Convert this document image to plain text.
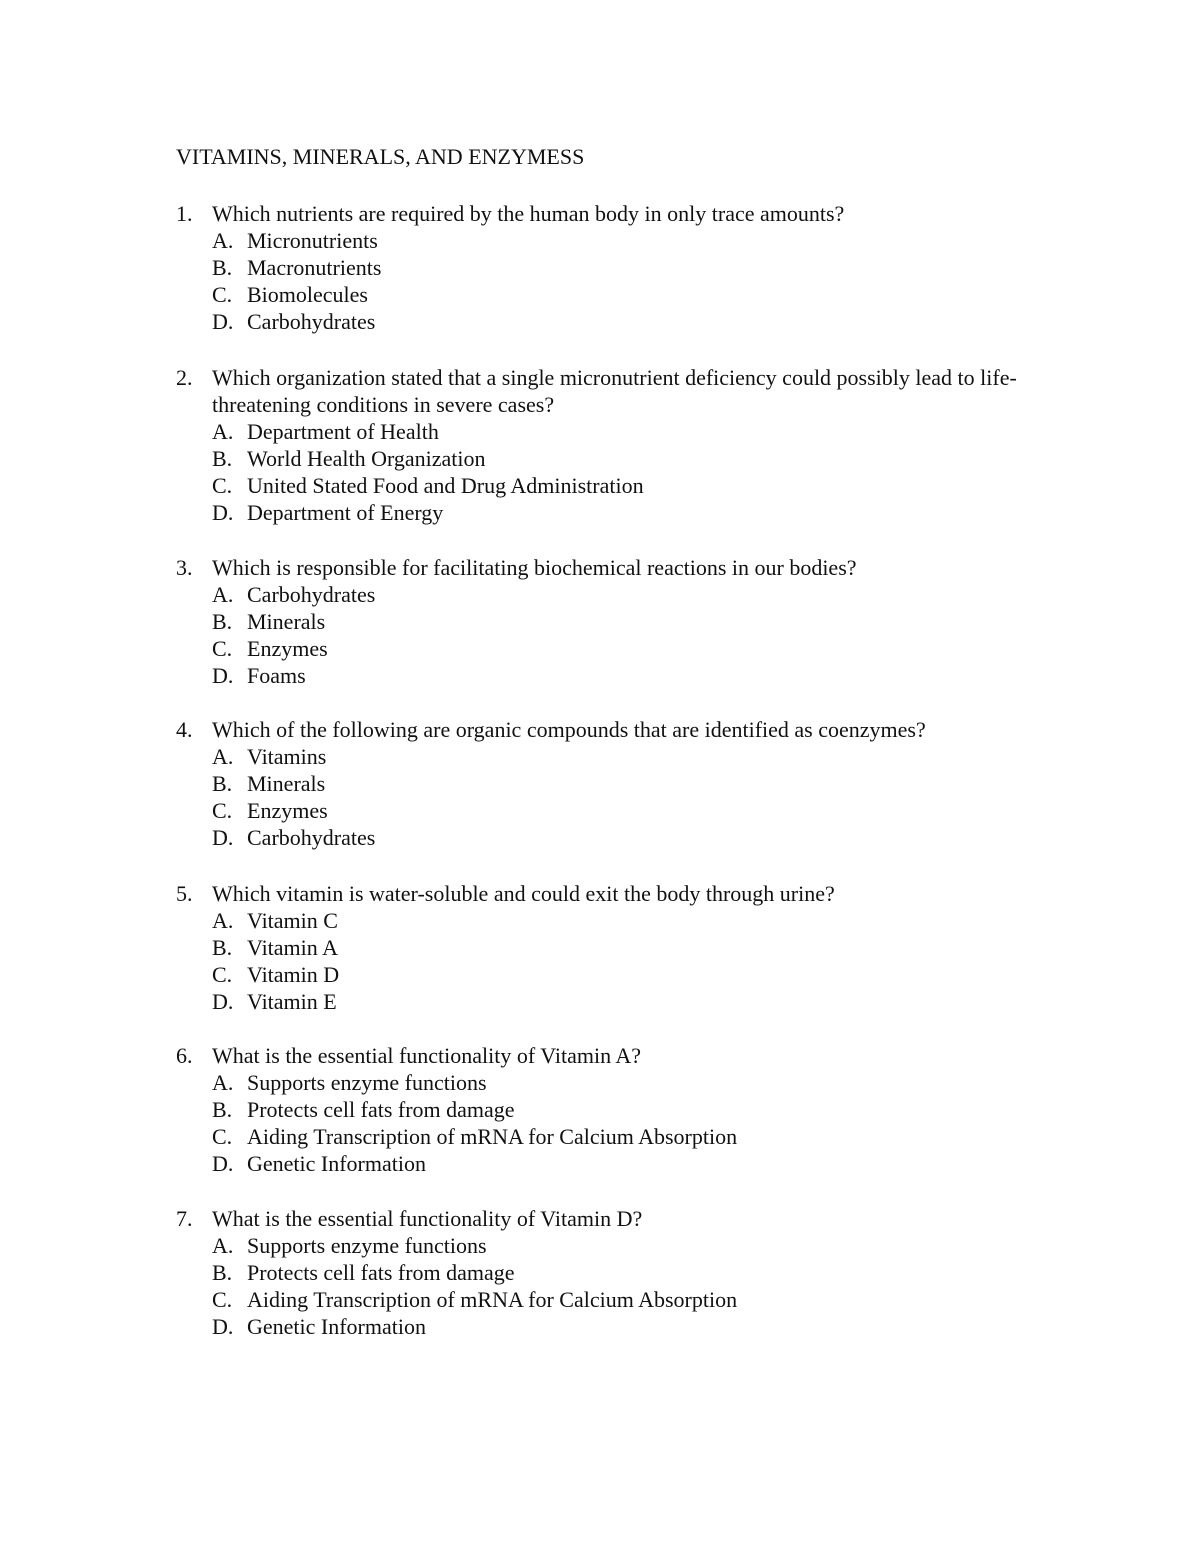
VITAMINS, MINERALS, AND ENZYMESS
1. Which nutrients are required by the human body in only trace amounts?
A. Micronutrients
B. Macronutrients
C. Biomolecules
D. Carbohydrates
2. Which organization stated that a single micronutrient deficiency could possibly lead to life-threatening conditions in severe cases?
A. Department of Health
B. World Health Organization
C. United Stated Food and Drug Administration
D. Department of Energy
3. Which is responsible for facilitating biochemical reactions in our bodies?
A. Carbohydrates
B. Minerals
C. Enzymes
D. Foams
4. Which of the following are organic compounds that are identified as coenzymes?
A. Vitamins
B. Minerals
C. Enzymes
D. Carbohydrates
5. Which vitamin is water-soluble and could exit the body through urine?
A. Vitamin C
B. Vitamin A
C. Vitamin D
D. Vitamin E
6. What is the essential functionality of Vitamin A?
A. Supports enzyme functions
B. Protects cell fats from damage
C. Aiding Transcription of mRNA for Calcium Absorption
D. Genetic Information
7. What is the essential functionality of Vitamin D?
A. Supports enzyme functions
B. Protects cell fats from damage
C. Aiding Transcription of mRNA for Calcium Absorption
D. Genetic Information
